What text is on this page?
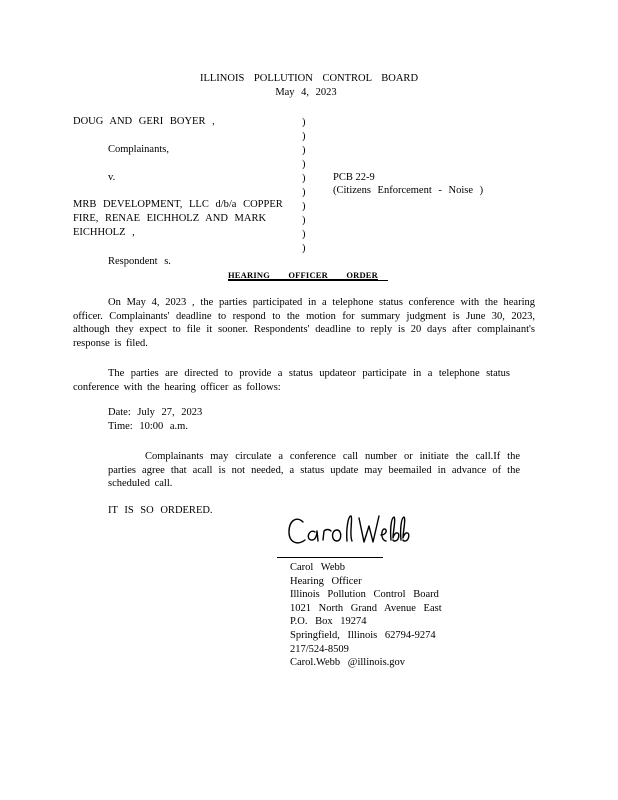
ILLINOIS POLLUTION CONTROL BOARD
May 4, 2023
DOUG AND GERI BOYER ,
Complainants,
v.
MRB DEVELOPMENT, LLC d/b/a COPPER
FIRE, RENAE EICHHOLZ AND MARK
EICHHOLZ ,
Respondent s.
)
)
)
)
)
)
)
)
)
)
PCB 22-9
(Citizens Enforcement - Noise )
HEARING OFFICER ORDER
On May 4, 2023 , the parties participated in a telephone status conference with the hearing officer. Complainants' deadline to respond to the motion for summary judgment is June 30, 2023, although they expect to file it sooner. Respondents' deadline to reply is 20 days after complainant's response is filed.
The parties are directed to provide a status updateor participate in a telephone status conference with the hearing officer as follows:
Date: July 27, 2023
Time: 10:00 a.m.
Complainants may circulate a conference call number or initiate the call.If the parties agree that acall is not needed, a status update may beemailed in advance of the scheduled call.
IT IS SO ORDERED.
Carol Webb
Hearing Officer
Illinois Pollution Control Board
1021 North Grand Avenue East
P.O. Box 19274
Springfield, Illinois 62794-9274
217/524-8509
Carol.Webb @illinois.gov
